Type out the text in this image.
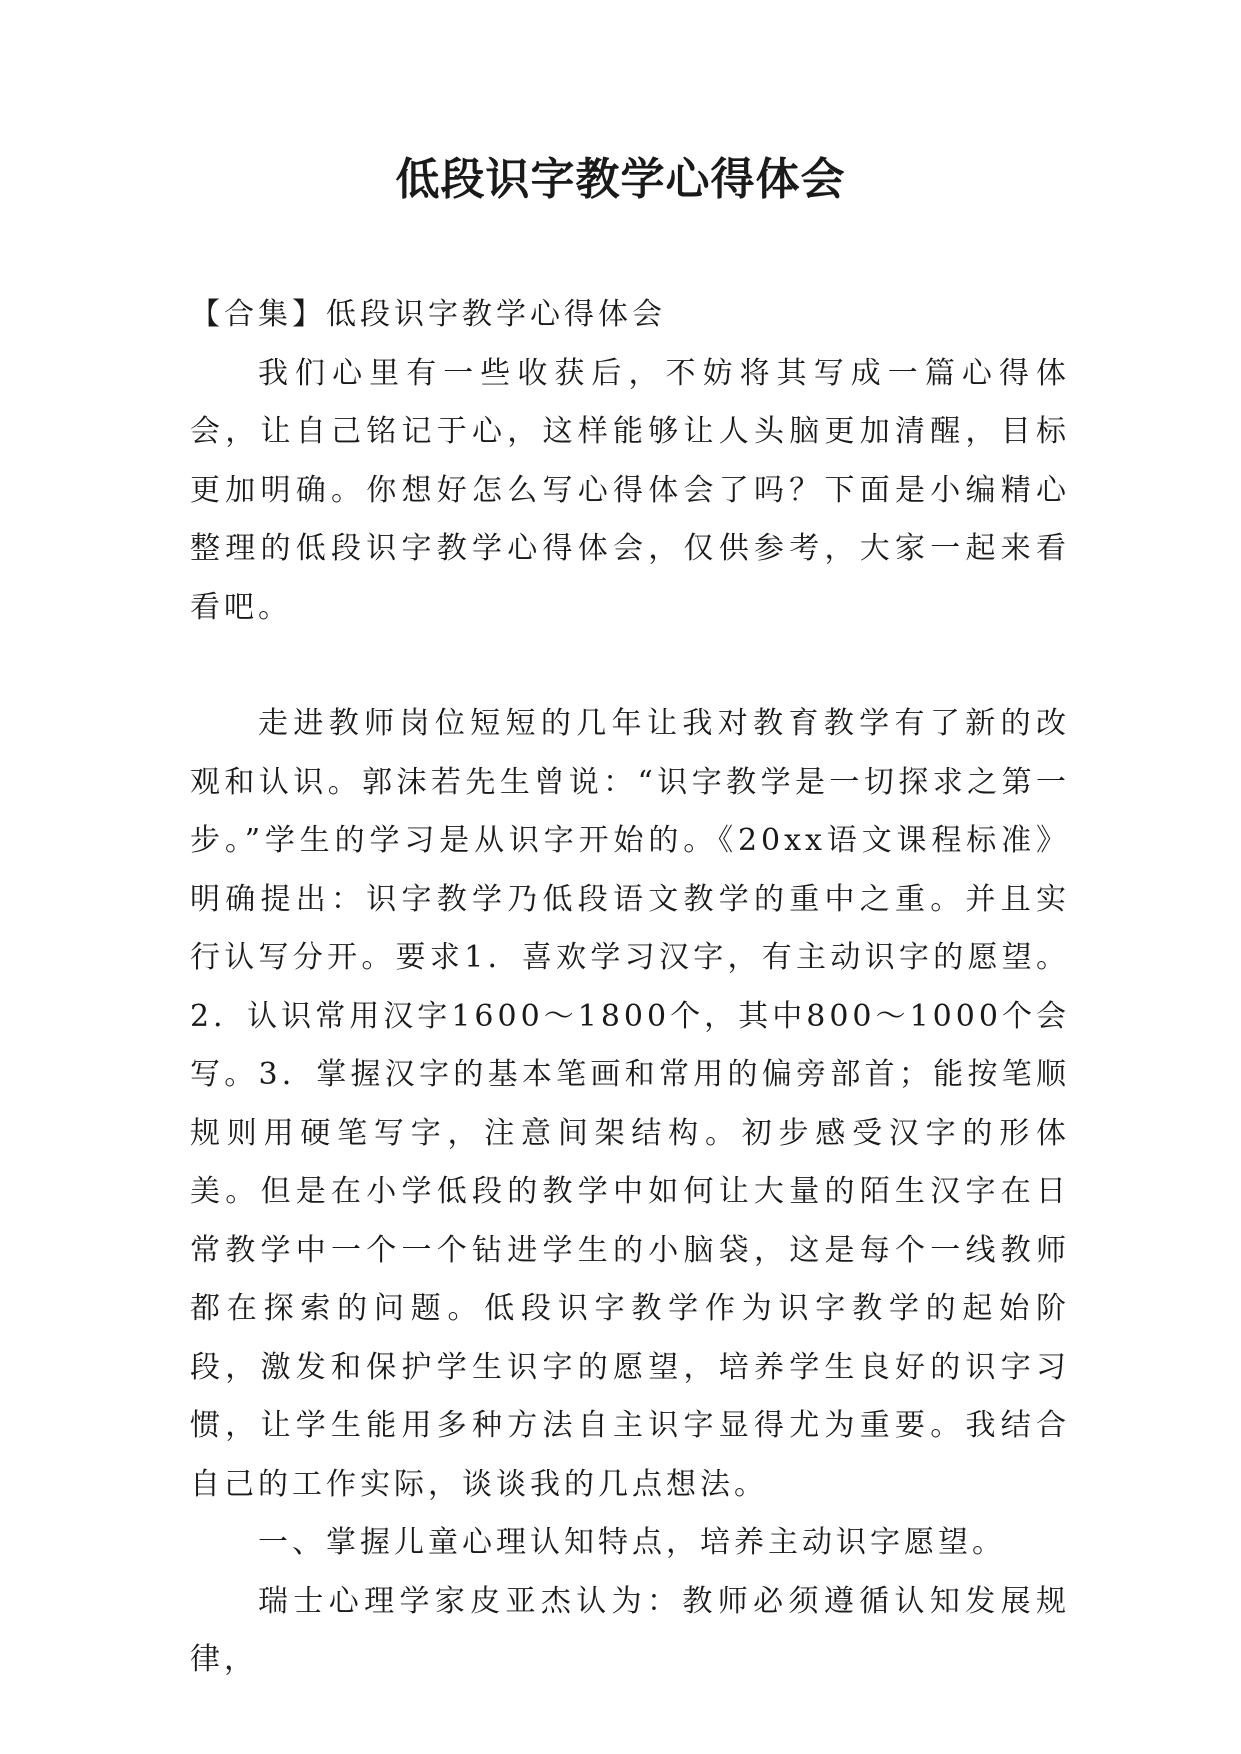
低段识字教学心得体会

【合集】低段识字教学心得体会

我们心里有一些收获后，不妨将其写成一篇心得体会，让自己铭记于心，这样能够让人头脑更加清醒，目标更加明确。你想好怎么写心得体会了吗？下面是小编精心整理的低段识字教学心得体会，仅供参考，大家一起来看看吧。

走进教师岗位短短的几年让我对教育教学有了新的改观和认识。郭沫若先生曾说：“识字教学是一切探求之第一步。”学生的学习是从识字开始的。《20xx语文课程标准》明确提出：识字教学乃低段语文教学的重中之重。并且实行认写分开。要求1．喜欢学习汉字，有主动识字的愿望。2．认识常用汉字1600～1800个，其中800～1000个会写。3．掌握汉字的基本笔画和常用的偏旁部首；能按笔顺规则用硬笔写字，注意间架结构。初步感受汉字的形体美。但是在小学低段的教学中如何让大量的陌生汉字在日常教学中一个一个钻进学生的小脑袋，这是每个一线教师都在探索的问题。低段识字教学作为识字教学的起始阶段，激发和保护学生识字的愿望，培养学生良好的识字习惯，让学生能用多种方法自主识字显得尤为重要。我结合自己的工作实际，谈谈我的几点想法。

一、掌握儿童心理认知特点，培养主动识字愿望。

瑞士心理学家皮亚杰认为：教师必须遵循认知发展规律，
